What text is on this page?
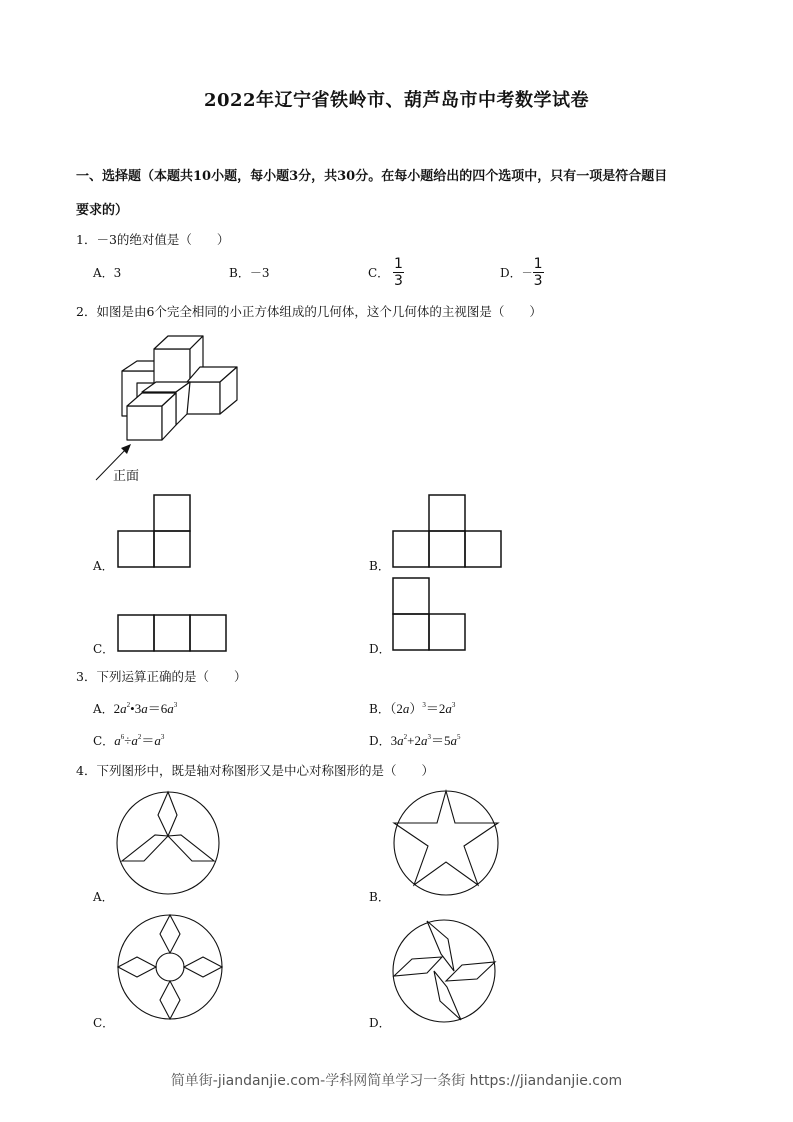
2022年辽宁省铁岭市、葫芦岛市中考数学试卷
一、选择题（本题共10小题，每小题3分，共30分。在每小题给出的四个选项中，只有一项是符合题目
要求的）
1．－3的绝对值是（　　）
A．3	B．－3	C． $\frac{1}{3}$	D．－ $\frac{1}{3}$
2．如图是由6个完全相同的小正方体组成的几何体，这个几何体的主视图是（　　）
正面
A．	B．
C．	D．
3．下列运算正确的是（　　）
A．$2a^2•3a=6a^3$	B．$(2a)^3=2a^3$
C．$a^6\div a^2=a^3$	D．$3a^2+2a^3=5a^5$
4．下列图形中，既是轴对称图形又是中心对称图形的是（　　）
A．	B．
C．	D．
简单街-jiandanjie.com-学科网简单学习一条街 https://jiandanjie.com
